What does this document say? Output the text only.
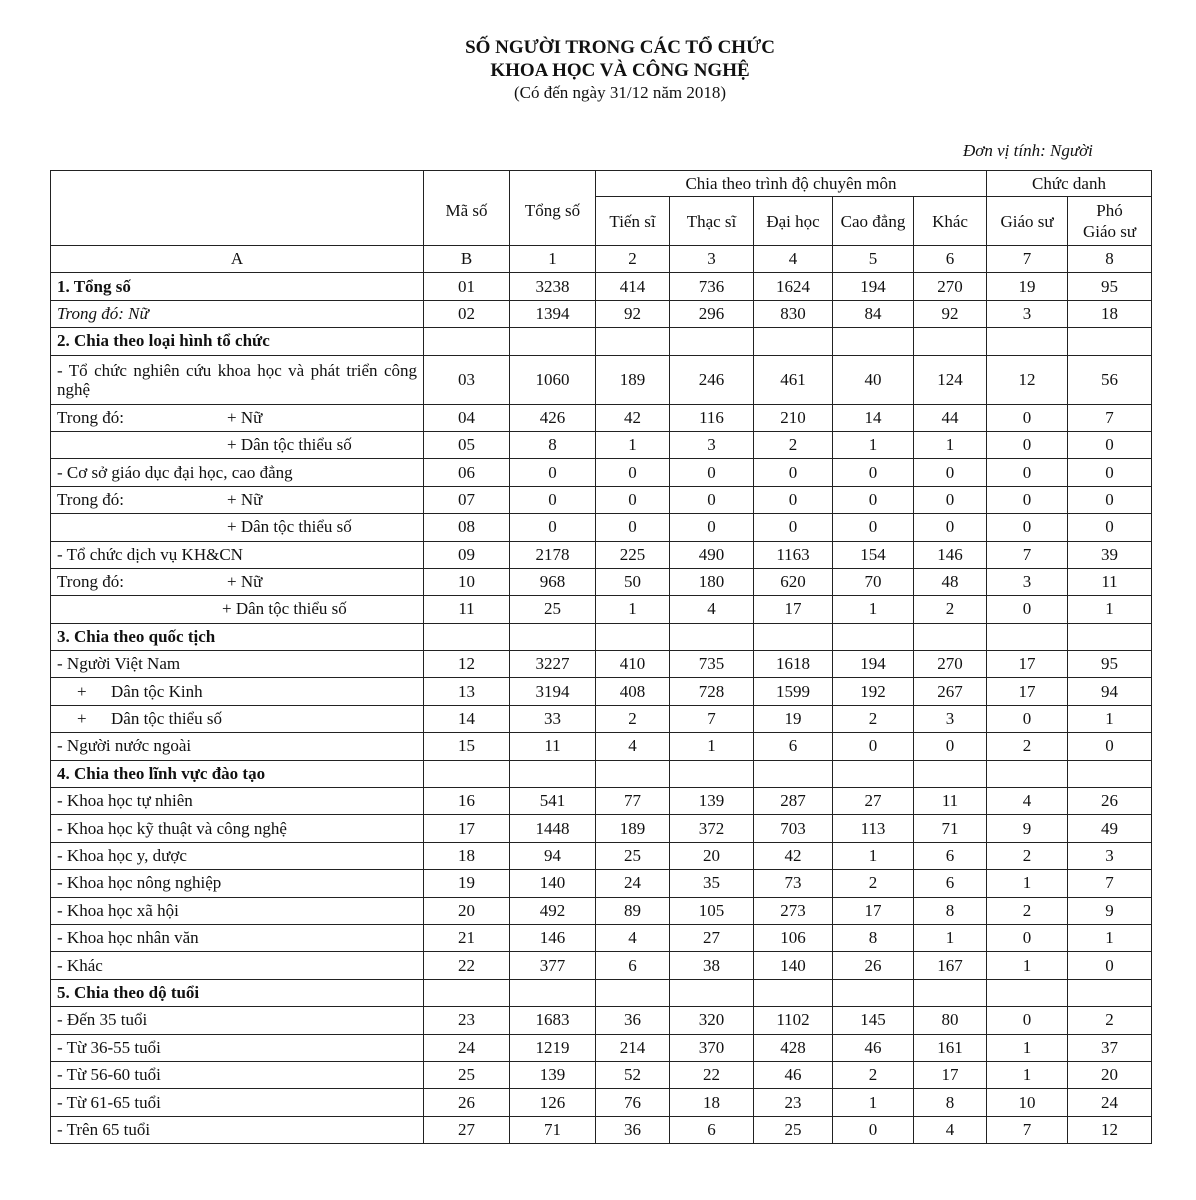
SỐ NGƯỜI TRONG CÁC TỔ CHỨC
KHOA HỌC VÀ CÔNG NGHỆ
(Có đến ngày 31/12 năm 2018)
Đơn vị tính: Người
	Mã số	Tổng số	Chia theo trình độ chuyên môn					Chức danh	
			Tiến sĩ	Thạc sĩ	Đại học	Cao đẳng	Khác	Giáo sư	Phó
Giáo sư
A	B	1	2	3	4	5	6	7	8
1. Tổng số	01	3238	414	736	1624	194	270	19	95
Trong đó: Nữ	02	1394	92	296	830	84	92	3	18
2. Chia theo loại hình tổ chức									
- Tổ chức nghiên cứu khoa học và phát triển công nghệ	03	1060	189	246	461	40	124	12	56
Trong đó: + Nữ	04	426	42	116	210	14	44	0	7
+ Dân tộc thiểu số	05	8	1	3	2	1	1	0	0
- Cơ sở giáo dục đại học, cao đẳng	06	0	0	0	0	0	0	0	0
Trong đó: + Nữ	07	0	0	0	0	0	0	0	0
+ Dân tộc thiểu số	08	0	0	0	0	0	0	0	0
- Tổ chức dịch vụ KH&CN	09	2178	225	490	1163	154	146	7	39
Trong đó: + Nữ	10	968	50	180	620	70	48	3	11
+ Dân tộc thiểu số	11	25	1	4	17	1	2	0	1
3. Chia theo quốc tịch									
- Người Việt Nam	12	3227	410	735	1618	194	270	17	95
+ Dân tộc Kinh	13	3194	408	728	1599	192	267	17	94
+ Dân tộc thiểu số	14	33	2	7	19	2	3	0	1
- Người nước ngoài	15	11	4	1	6	0	0	2	0
4. Chia theo lĩnh vực đào tạo									
- Khoa học tự nhiên	16	541	77	139	287	27	11	4	26
- Khoa học kỹ thuật và công nghệ	17	1448	189	372	703	113	71	9	49
- Khoa học y, dược	18	94	25	20	42	1	6	2	3
- Khoa học nông nghiệp	19	140	24	35	73	2	6	1	7
- Khoa học xã hội	20	492	89	105	273	17	8	2	9
- Khoa học nhân văn	21	146	4	27	106	8	1	0	1
- Khác	22	377	6	38	140	26	167	1	0
5. Chia theo dộ tuổi									
- Đến 35 tuổi	23	1683	36	320	1102	145	80	0	2
- Từ 36-55 tuổi	24	1219	214	370	428	46	161	1	37
- Từ 56-60 tuổi	25	139	52	22	46	2	17	1	20
- Từ 61-65 tuổi	26	126	76	18	23	1	8	10	24
- Trên 65 tuổi	27	71	36	6	25	0	4	7	12
